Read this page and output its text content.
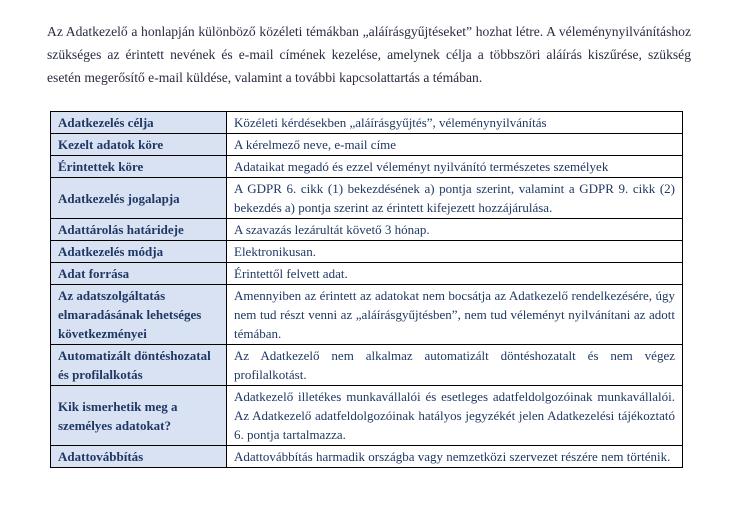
Az Adatkezelő a honlapján különböző közéleti témákban „aláírásgyűjtéseket” hozhat létre. A véleménynyilvánításhoz szükséges az érintett nevének és e-mail címének kezelése, amelynek célja a többszöri aláírás kiszűrése, szükség esetén megerősítő e-mail küldése, valamint a további kapcsolattartás a témában.

Adatkezelés célja	Közéleti kérdésekben „aláírásgyűjtés”, véleménynyilvánítás
Kezelt adatok köre	A kérelmező neve, e-mail címe
Érintettek köre	Adataikat megadó és ezzel véleményt nyilvánító természetes személyek
Adatkezelés jogalapja	A GDPR 6. cikk (1) bekezdésének a) pontja szerint, valamint a GDPR 9. cikk (2) bekezdés a) pontja szerint az érintett kifejezett hozzájárulása.
Adattárolás határideje	A szavazás lezárultát követő 3 hónap.
Adatkezelés módja	Elektronikusan.
Adat forrása	Érintettől felvett adat.
Az adatszolgáltatás elmaradásának lehetséges következményei	Amennyiben az érintett az adatokat nem bocsátja az Adatkezelő rendelkezésére, úgy nem tud részt venni az „aláírásgyűjtésben”, nem tud véleményt nyilvánítani az adott témában.
Automatizált döntéshozatal és profilalkotás	Az Adatkezelő nem alkalmaz automatizált döntéshozatalt és nem végez profilalkotást.
Kik ismerhetik meg a személyes adatokat?	Adatkezelő illetékes munkavállalói és esetleges adatfeldolgozóinak munkavállalói. Az Adatkezelő adatfeldolgozóinak hatályos jegyzékét jelen Adatkezelési tájékoztató 6. pontja tartalmazza.
Adattovábbítás	Adattovábbítás harmadik országba vagy nemzetközi szervezet részére nem történik.
